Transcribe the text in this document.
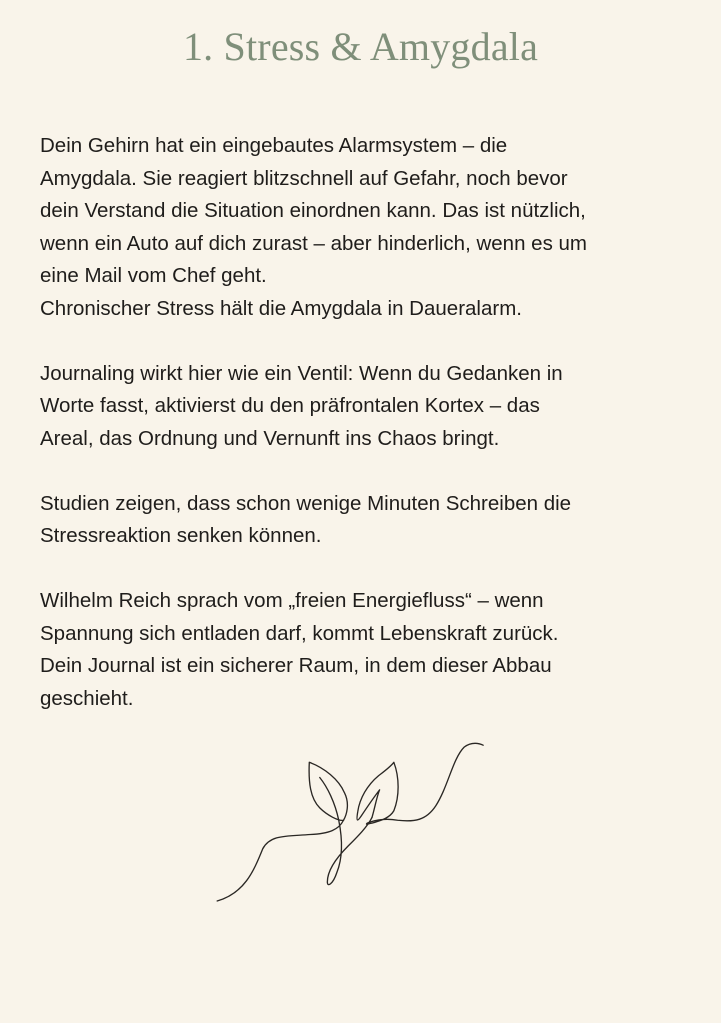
1. Stress & Amygdala

Dein Gehirn hat ein eingebautes Alarmsystem – die
Amygdala. Sie reagiert blitzschnell auf Gefahr, noch bevor
dein Verstand die Situation einordnen kann. Das ist nützlich,
wenn ein Auto auf dich zurast – aber hinderlich, wenn es um
eine Mail vom Chef geht.
Chronischer Stress hält die Amygdala in Daueralarm.

Journaling wirkt hier wie ein Ventil: Wenn du Gedanken in
Worte fasst, aktivierst du den präfrontalen Kortex – das
Areal, das Ordnung und Vernunft ins Chaos bringt.

Studien zeigen, dass schon wenige Minuten Schreiben die
Stressreaktion senken können.

Wilhelm Reich sprach vom „freien Energiefluss“ – wenn
Spannung sich entladen darf, kommt Lebenskraft zurück.
Dein Journal ist ein sicherer Raum, in dem dieser Abbau
geschieht.
